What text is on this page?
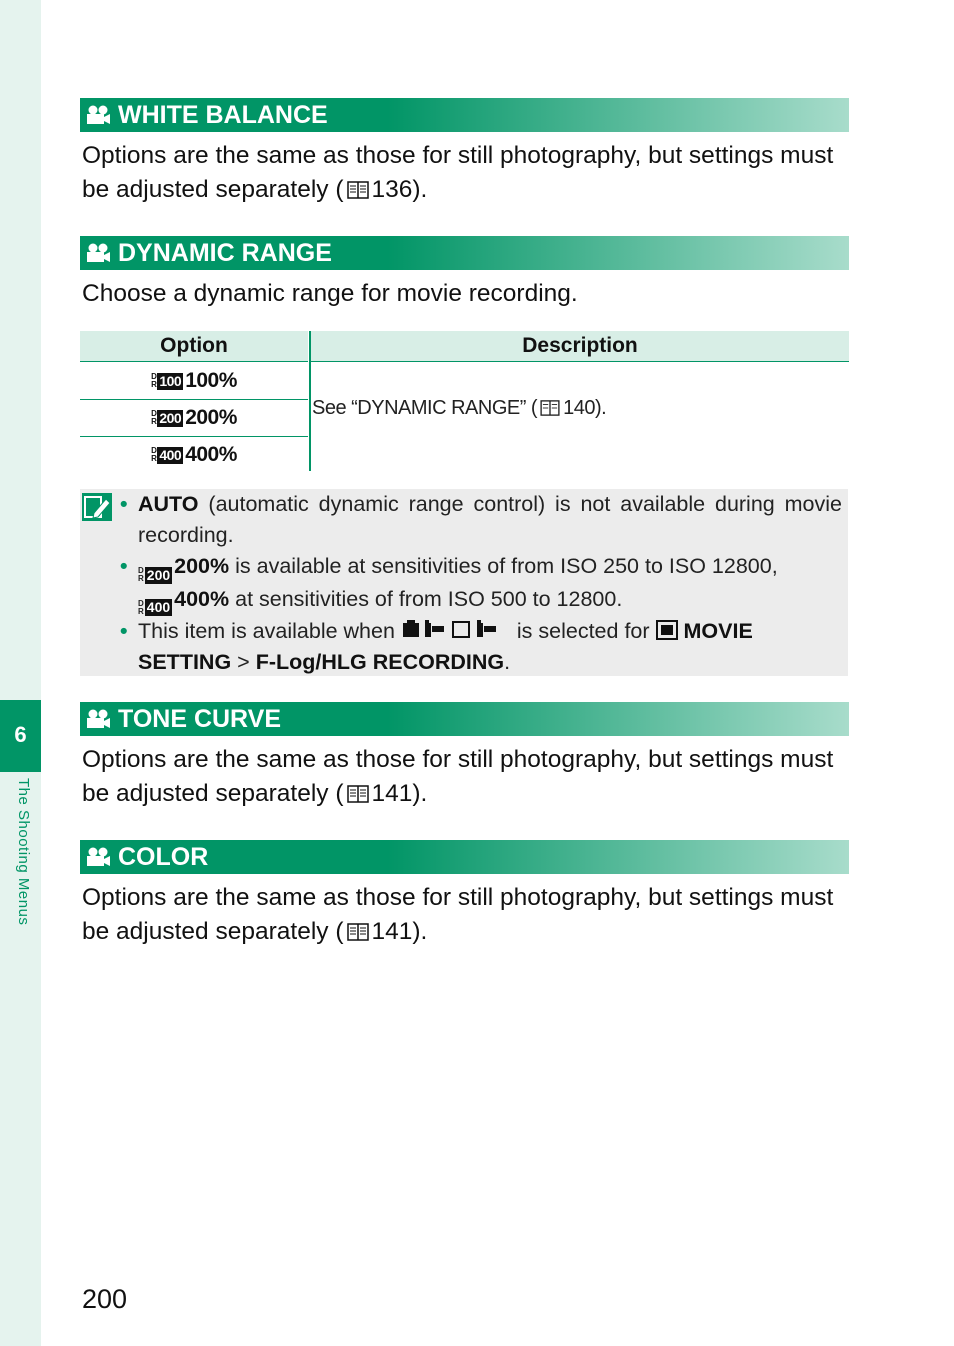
6
The Shooting Menus
WHITE BALANCE
Options are the same as those for still photography, but settings must be adjusted separately ( 136).
DYNAMIC RANGE
Choose a dynamic range for movie recording.
Option	Description
D
R 100 100%
D
R 200 200%
D
R 400 400%
See “DYNAMIC RANGE” ( 140).
• AUTO (automatic dynamic range control) is not available during movie recording.
• D
R 200 200% is available at sensitivities of from ISO 250 to ISO 12800,

D
R 400 400% at sensitivities of from ISO 500 to 12800.
• This item is available when	is selected for MOVIE SETTING > F-Log/HLG RECORDING.
TONE CURVE
Options are the same as those for still photography, but settings must be adjusted separately ( 141).
COLOR
Options are the same as those for still photography, but settings must be adjusted separately ( 141).
200
